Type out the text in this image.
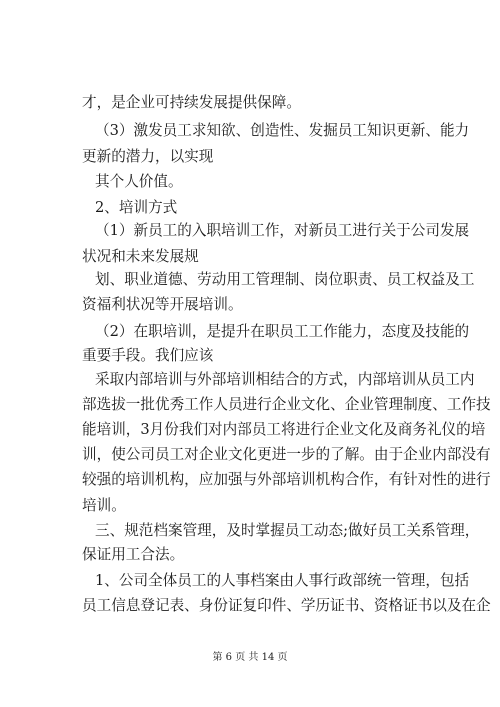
才，是企业可持续发展提供保障。
（3）激发员工求知欲、创造性、发掘员工知识更新、能力
更新的潜力，以实现
其个人价值。
2、培训方式
（1）新员工的入职培训工作，对新员工进行关于公司发展
状况和未来发展规
划、职业道德、劳动用工管理制、岗位职责、员工权益及工
资福利状况等开展培训。
（2）在职培训，是提升在职员工工作能力，态度及技能的
重要手段。我们应该
采取内部培训与外部培训相结合的方式，内部培训从员工内
部选拔一批优秀工作人员进行企业文化、企业管理制度、工作技
能培训，3月份我们对内部员工将进行企业文化及商务礼仪的培
训，使公司员工对企业文化更进一步的了解。由于企业内部没有
较强的培训机构，应加强与外部培训机构合作，有针对性的进行
培训。
三、规范档案管理，及时掌握员工动态;做好员工关系管理，
保证用工合法。
1、公司全体员工的人事档案由人事行政部统一管理，包括
员工信息登记表、身份证复印件、学历证书、资格证书以及在企
第 6 页 共 14 页
